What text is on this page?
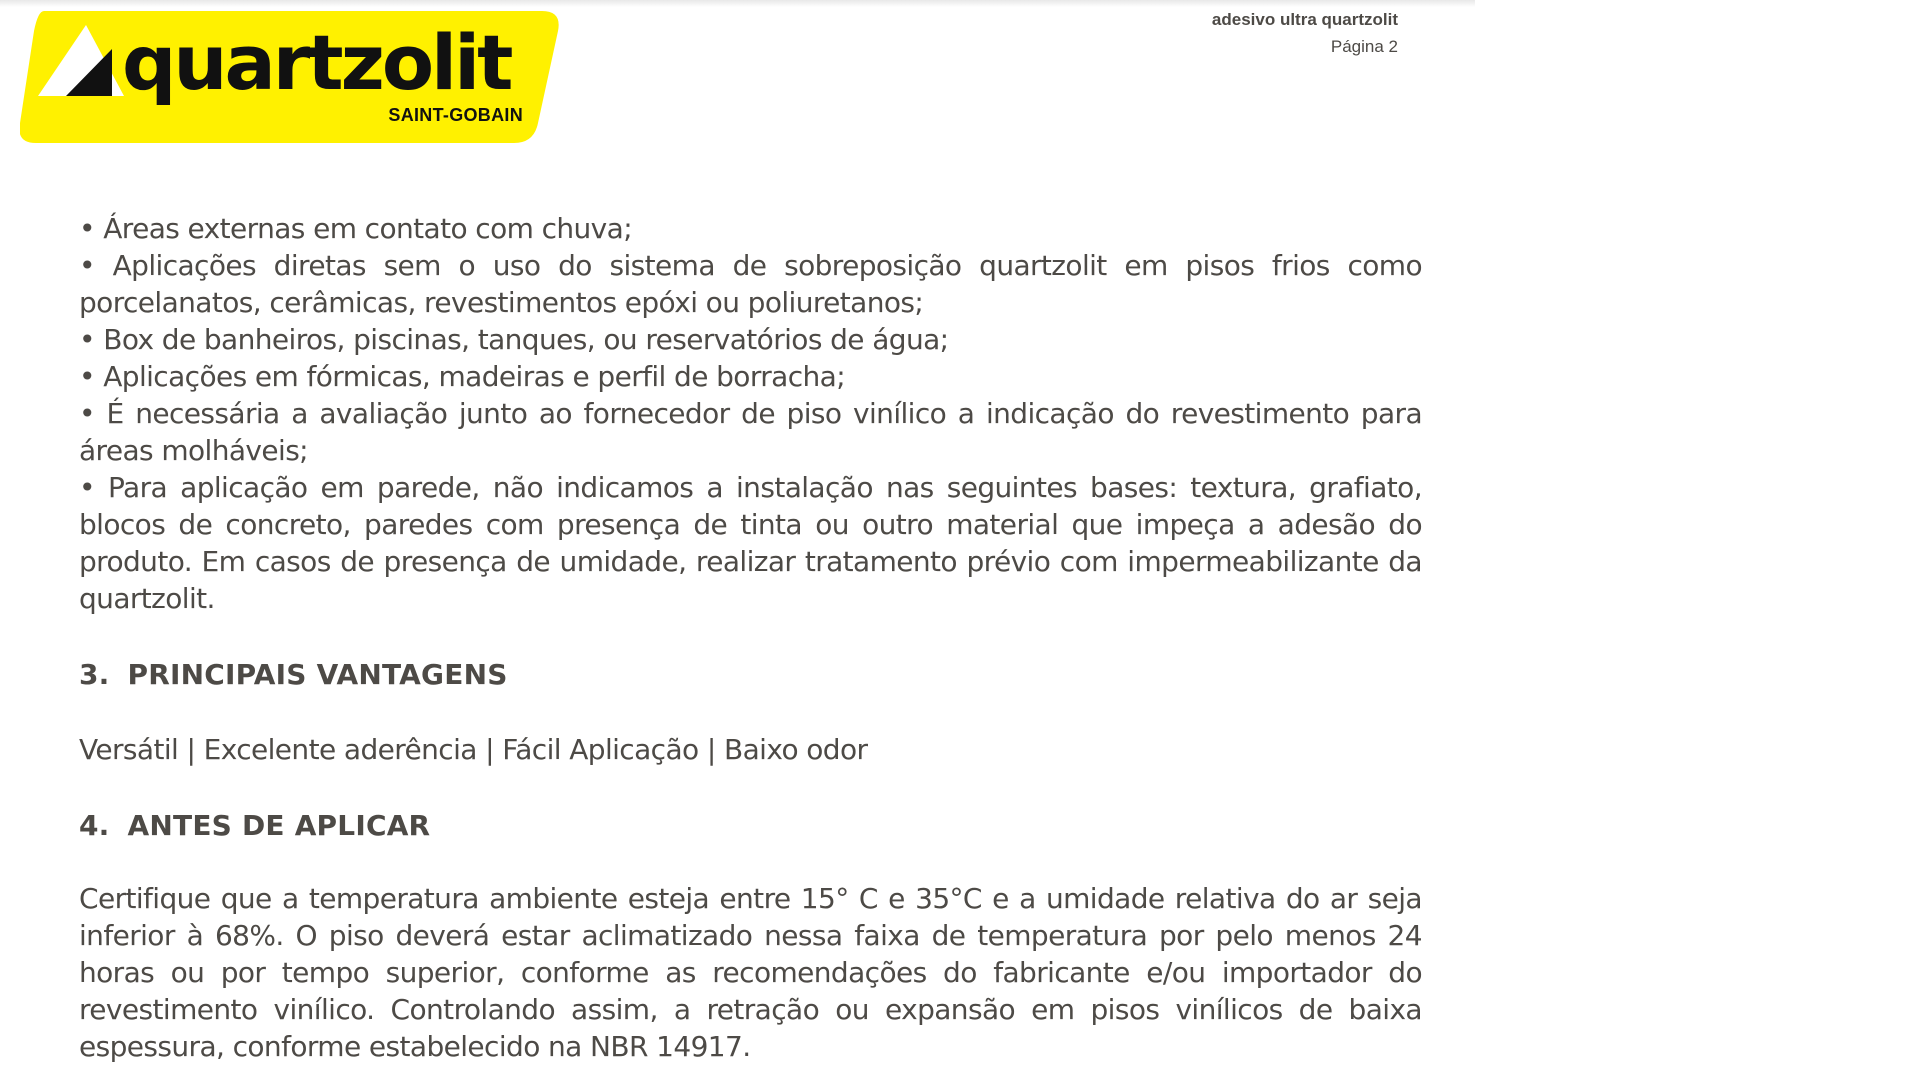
quartzolit
SAINT-GOBAIN
adesivo ultra quartzolit
Página 2
• Áreas externas em contato com chuva;
• Aplicações diretas sem o uso do sistema de sobreposição quartzolit em pisos frios como porcelanatos, cerâmicas, revestimentos epóxi ou poliuretanos;
• Box de banheiros, piscinas, tanques, ou reservatórios de água;
• Aplicações em fórmicas, madeiras e perfil de borracha;
• É necessária a avaliação junto ao fornecedor de piso vinílico a indicação do revestimento para áreas molháveis;
• Para aplicação em parede, não indicamos a instalação nas seguintes bases: textura, grafiato, blocos de concreto, paredes com presença de tinta ou outro material que impeça a adesão do produto. Em casos de presença de umidade, realizar tratamento prévio com impermeabilizante da quartzolit.
3. PRINCIPAIS VANTAGENS

Versátil | Excelente aderência | Fácil Aplicação | Baixo odor

4. ANTES DE APLICAR

Certifique que a temperatura ambiente esteja entre 15° C e 35°C e a umidade relativa do ar seja inferior à 68%. O piso deverá estar aclimatizado nessa faixa de temperatura por pelo menos 24 horas ou por tempo superior, conforme as recomendações do fabricante e/ou importador do revestimento vinílico. Controlando assim, a retração ou expansão em pisos vinílicos de baixa espessura, conforme estabelecido na NBR 14917.
